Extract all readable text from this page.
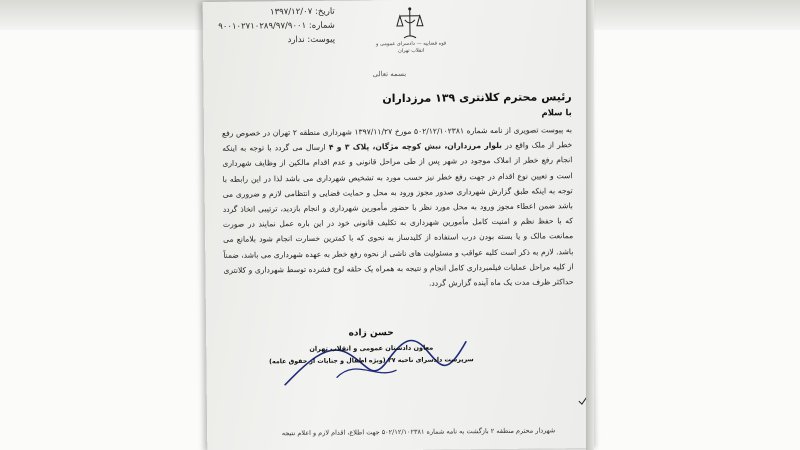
تاریخ: ۱۳۹۷/۱۲/۰۷
شماره: ۹۰۰۱۰۲۷۱۰۲۸۹/۹۷/۹۰۰۱
پیوست: ندارد	قوه قضاییه — دادسرای عمومی و انقلاب تهران
بسمه تعالی
رئیس محترم کلانتری ۱۳۹ مرزداران
با سلام
به پیوست تصویری از نامه شماره ۵۰۲/۱۲/۱۰۲۳۸۱ مورخ ۱۳۹۷/۱۱/۲۷ شهرداری منطقه ۲ تهران در خصوص رفع خطر از ملک واقع در بلوار مرزداران، نبش کوچه مژگان، پلاک ۳ و ۴ ارسال می گردد با توجه به اینکه انجام رفع خطر از املاک موجود در شهر پس از طی مراحل قانونی و عدم اقدام مالکین از وظایف شهرداری است و تعیین نوع اقدام در جهت رفع خطر نیز حسب مورد به تشخیص شهرداری می باشد لذا در این رابطه با توجه به اینکه طبق گزارش شهرداری صدور مجوز ورود به محل و حمایت قضایی و انتظامی لازم و ضروری می باشد ضمن اعطاء مجوز ورود به محل مورد نظر با حضور مأمورین شهرداری و انجام بازدید، ترتیبی اتخاذ گردد که با حفظ نظم و امنیت کامل مأمورین شهرداری به تکلیف قانونی خود در این باره عمل نمایند در صورت ممانعت مالک و یا بسته بودن درب استفاده از کلیدساز به نحوی که با کمترین خسارت انجام شود بلامانع می باشد. لازم به ذکر است کلیه عواقب و مسئولیت های ناشی از نحوه رفع خطر به عهده شهرداری می باشد، ضمناً از کلیه مراحل عملیات فیلمبرداری کامل انجام و نتیجه به همراه یک حلقه لوح فشرده توسط شهرداری و کلانتری حداکثر ظرف مدت یک ماه آینده گزارش گردد.
حسن زاده
معاون دادستان عمومی و انقلاب تهران
سرپرست دادسرای ناحیه ۳۷ (ویژه اطفال و جنایات از حقوق عامه)
شهردار محترم منطقه ۲ بازگشت به نامه شماره ۵۰۲/۱۲/۱۰۲۳۸۱ جهت اطلاع، اقدام لازم و اعلام نتیجه
